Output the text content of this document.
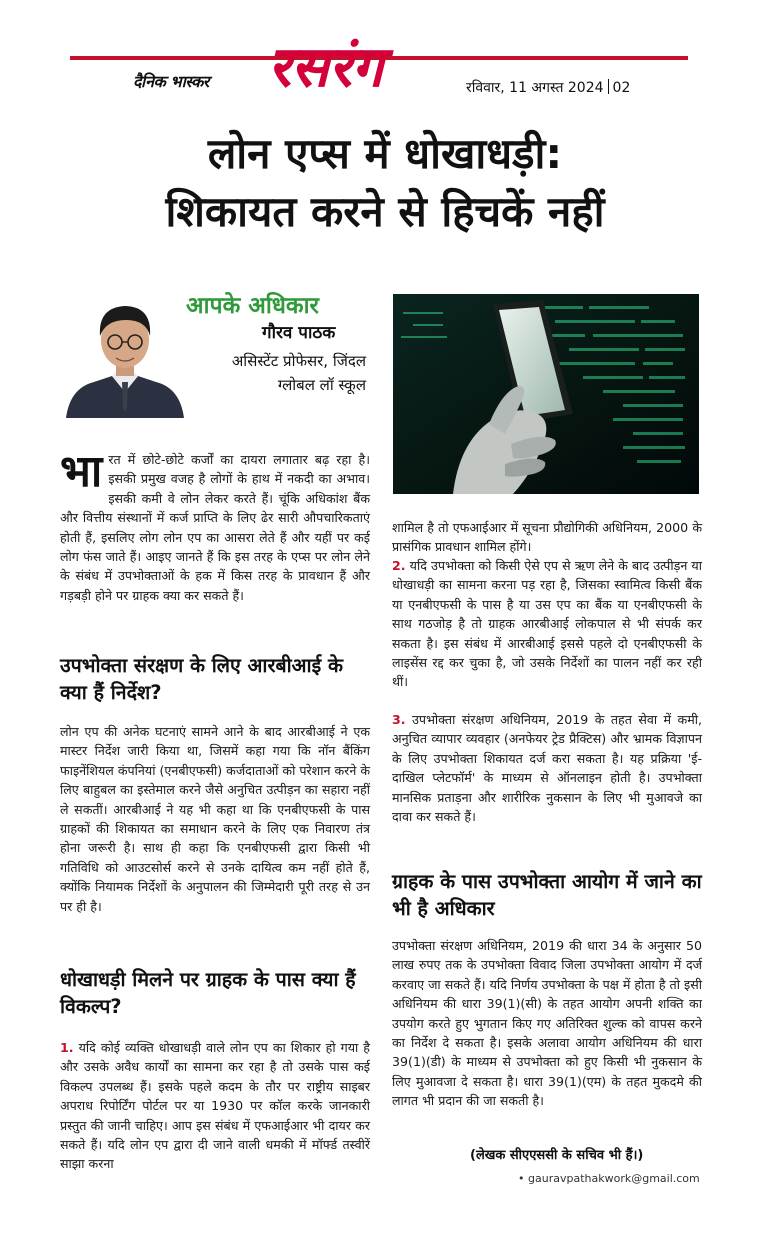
दैनिक भास्कर रसरंग	रविवार, 11 अगस्त 2024 02
लोन एप्स में धोखाधड़ी:
शिकायत करने से हिचकें नहीं
आपके अधिकार
गौरव पाठक
असिस्टेंट प्रोफेसर, जिंदल
ग्लोबल लॉ स्कूल
भारत में छोटे-छोटे कर्जों का दायरा लगातार बढ़ रहा है। इसकी प्रमुख वजह है लोगों के हाथ में नकदी का अभाव। इसकी कमी वे लोन लेकर करते हैं। चूंकि अधिकांश बैंक और वित्तीय संस्थानों में कर्ज प्राप्ति के लिए ढेर सारी औपचारिकताएं होती हैं, इसलिए लोग लोन एप का आसरा लेते हैं और यहीं पर कई लोग फंस जाते हैं। आइए जानते हैं कि इस तरह के एप्स पर लोन लेने के संबंध में उपभोक्ताओं के हक में किस तरह के प्रावधान हैं और गड़बड़ी होने पर ग्राहक क्या कर सकते हैं।
उपभोक्ता संरक्षण के लिए आरबीआई के क्या हैं निर्देश?
लोन एप की अनेक घटनाएं सामने आने के बाद आरबीआई ने एक मास्टर निर्देश जारी किया था, जिसमें कहा गया कि नॉन बैंकिंग फाइनेंशियल कंपनियां (एनबीएफसी) कर्जदाताओं को परेशान करने के लिए बाहुबल का इस्तेमाल करने जैसे अनुचित उत्पीड़न का सहारा नहीं ले सकतीं। आरबीआई ने यह भी कहा था कि एनबीएफसी के पास ग्राहकों की शिकायत का समाधान करने के लिए एक निवारण तंत्र होना जरूरी है। साथ ही कहा कि एनबीएफसी द्वारा किसी भी गतिविधि को आउटसोर्स करने से उनके दायित्व कम नहीं होते हैं, क्योंकि नियामक निर्देशों के अनुपालन की जिम्मेदारी पूरी तरह से उन पर ही है।
धोखाधड़ी मिलने पर ग्राहक के पास क्या हैं विकल्प?
1. यदि कोई व्यक्ति धोखाधड़ी वाले लोन एप का शिकार हो गया है और उसके अवैध कार्यों का सामना कर रहा है तो उसके पास कई विकल्प उपलब्ध हैं। इसके पहले कदम के तौर पर राष्ट्रीय साइबर अपराध रिपोर्टिंग पोर्टल पर या 1930 पर कॉल करके जानकारी प्रस्तुत की जानी चाहिए। आप इस संबंध में एफआईआर भी दायर कर सकते हैं। यदि लोन एप द्वारा दी जाने वाली धमकी में मॉर्फ्ड तस्वीरें साझा करना
शामिल है तो एफआईआर में सूचना प्रौद्योगिकी अधिनियम, 2000 के प्रासंगिक प्रावधान शामिल होंगे।
2. यदि उपभोक्ता को किसी ऐसे एप से ऋण लेने के बाद उत्पीड़न या धोखाधड़ी का सामना करना पड़ रहा है, जिसका स्वामित्व किसी बैंक या एनबीएफसी के पास है या उस एप का बैंक या एनबीएफसी के साथ गठजोड़ है तो ग्राहक आरबीआई लोकपाल से भी संपर्क कर सकता है। इस संबंध में आरबीआई इससे पहले दो एनबीएफसी के लाइसेंस रद्द कर चुका है, जो उसके निर्देशों का पालन नहीं कर रही थीं।
3. उपभोक्ता संरक्षण अधिनियम, 2019 के तहत सेवा में कमी, अनुचित व्यापार व्यवहार (अनफेयर ट्रेड प्रैक्टिस) और भ्रामक विज्ञापन के लिए उपभोक्ता शिकायत दर्ज करा सकता है। यह प्रक्रिया 'ई-दाखिल प्लेटफॉर्म' के माध्यम से ऑनलाइन होती है। उपभोक्ता मानसिक प्रताड़ना और शारीरिक नुकसान के लिए भी मुआवजे का दावा कर सकते हैं।
ग्राहक के पास उपभोक्ता आयोग में जाने का भी है अधिकार
उपभोक्ता संरक्षण अधिनियम, 2019 की धारा 34 के अनुसार 50 लाख रुपए तक के उपभोक्ता विवाद जिला उपभोक्ता आयोग में दर्ज करवाए जा सकते हैं। यदि निर्णय उपभोक्ता के पक्ष में होता है तो इसी अधिनियम की धारा 39(1)(सी) के तहत आयोग अपनी शक्ति का उपयोग करते हुए भुगतान किए गए अतिरिक्त शुल्क को वापस करने का निर्देश दे सकता है। इसके अलावा आयोग अधिनियम की धारा 39(1)(डी) के माध्यम से उपभोक्ता को हुए किसी भी नुकसान के लिए मुआवजा दे सकता है। धारा 39(1)(एम) के तहत मुकदमे की लागत भी प्रदान की जा सकती है।
(लेखक सीएएससी के सचिव भी हैं।)
• gauravpathakwork@gmail.com
